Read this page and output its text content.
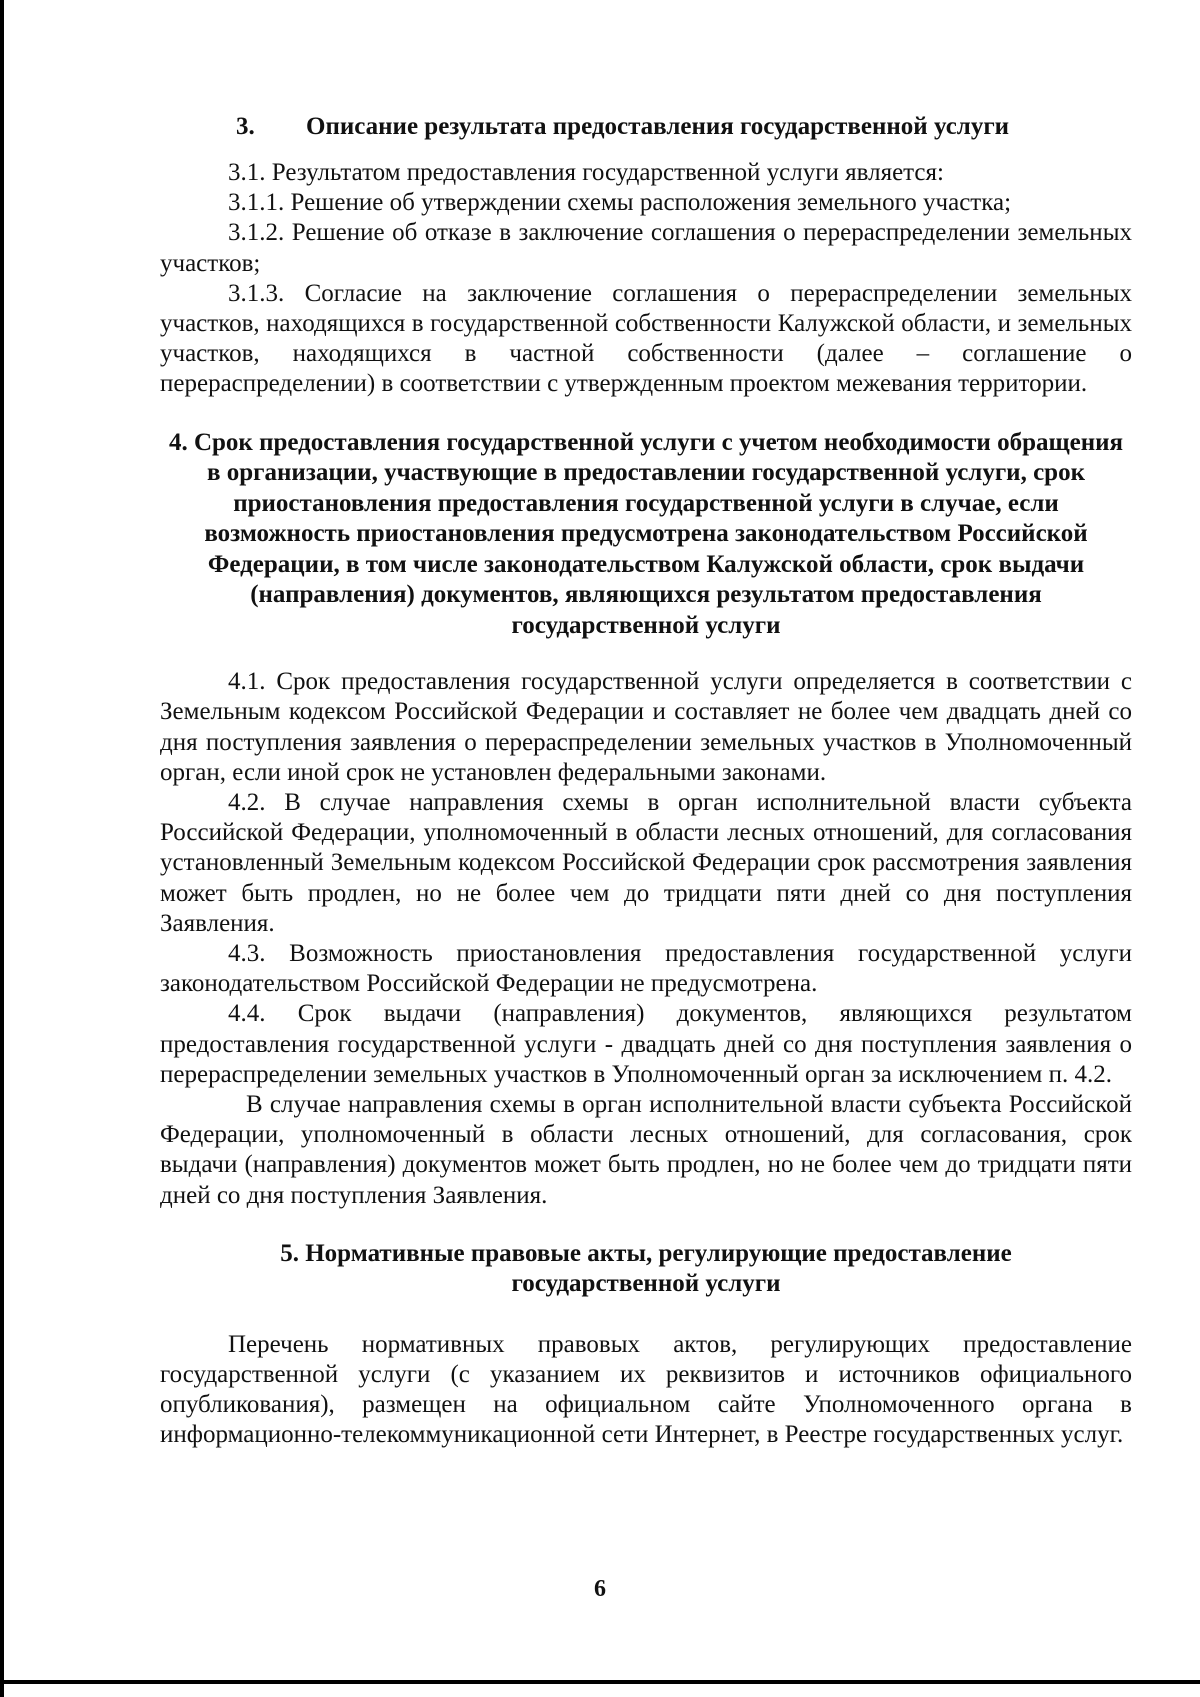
3.	Описание результата предоставления государственной услуги

3.1. Результатом предоставления государственной услуги является:

3.1.1. Решение об утверждении схемы расположения земельного участка;

3.1.2. Решение об отказе в заключение соглашения о перераспределении земельных участков;

3.1.3. Согласие на заключение соглашения о перераспределении земельных участков, находящихся в государственной собственности Калужской области, и земельных участков, находящихся в частной собственности (далее – соглашение о перераспределении) в соответствии с утвержденным проектом межевания территории.

4. Срок предоставления государственной услуги с учетом необходимости обращения в организации, участвующие в предоставлении государственной услуги, срок приостановления предоставления государственной услуги в случае, если возможность приостановления предусмотрена законодательством Российской Федерации, в том числе законодательством Калужской области, срок выдачи (направления) документов, являющихся результатом предоставления государственной услуги

4.1. Срок предоставления государственной услуги определяется в соответствии с Земельным кодексом Российской Федерации и составляет не более чем двадцать дней со дня поступления заявления о перераспределении земельных участков в Уполномоченный орган, если иной срок не установлен федеральными законами.

4.2. В случае направления схемы в орган исполнительной власти субъекта Российской Федерации, уполномоченный в области лесных отношений, для согласования установленный Земельным кодексом Российской Федерации срок рассмотрения заявления может быть продлен, но не более чем до тридцати пяти дней со дня поступления Заявления.

4.3. Возможность приостановления предоставления государственной услуги законодательством Российской Федерации не предусмотрена.

4.4. Срок выдачи (направления) документов, являющихся результатом предоставления государственной услуги - двадцать дней со дня поступления заявления о перераспределении земельных участков в Уполномоченный орган за исключением п. 4.2.

В случае направления схемы в орган исполнительной власти субъекта Российской Федерации, уполномоченный в области лесных отношений, для согласования, срок выдачи (направления) документов может быть продлен, но не более чем до тридцати пяти дней со дня поступления Заявления.

5. Нормативные правовые акты, регулирующие предоставление
государственной услуги

Перечень нормативных правовых актов, регулирующих предоставление государственной услуги (с указанием их реквизитов и источников официального опубликования), размещен на официальном сайте Уполномоченного органа в информационно-телекоммуникационной сети Интернет, в Реестре государственных услуг.

6
